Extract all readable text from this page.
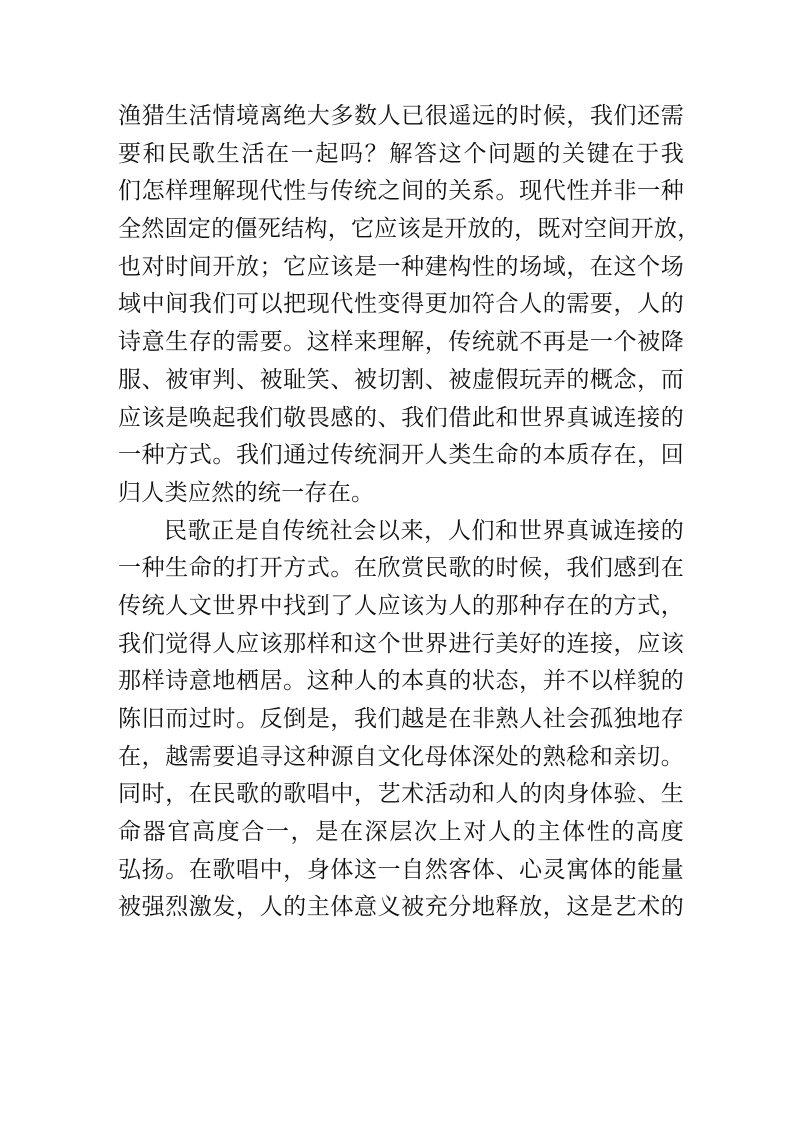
渔猎生活情境离绝大多数人已很遥远的时候，我们还需
要和民歌生活在一起吗？解答这个问题的关键在于我
们怎样理解现代性与传统之间的关系。现代性并非一种
全然固定的僵死结构，它应该是开放的，既对空间开放，
也对时间开放；它应该是一种建构性的场域，在这个场
域中间我们可以把现代性变得更加符合人的需要，人的
诗意生存的需要。这样来理解，传统就不再是一个被降
服、被审判、被耻笑、被切割、被虚假玩弄的概念，而
应该是唤起我们敬畏感的、我们借此和世界真诚连接的
一种方式。我们通过传统洞开人类生命的本质存在，回
归人类应然的统一存在。
民歌正是自传统社会以来，人们和世界真诚连接的
一种生命的打开方式。在欣赏民歌的时候，我们感到在
传统人文世界中找到了人应该为人的那种存在的方式，
我们觉得人应该那样和这个世界进行美好的连接，应该
那样诗意地栖居。这种人的本真的状态，并不以样貌的
陈旧而过时。反倒是，我们越是在非熟人社会孤独地存
在，越需要追寻这种源自文化母体深处的熟稔和亲切。
同时，在民歌的歌唱中，艺术活动和人的肉身体验、生
命器官高度合一，是在深层次上对人的主体性的高度
弘扬。在歌唱中，身体这一自然客体、心灵寓体的能量
被强烈激发，人的主体意义被充分地释放，这是艺术的
